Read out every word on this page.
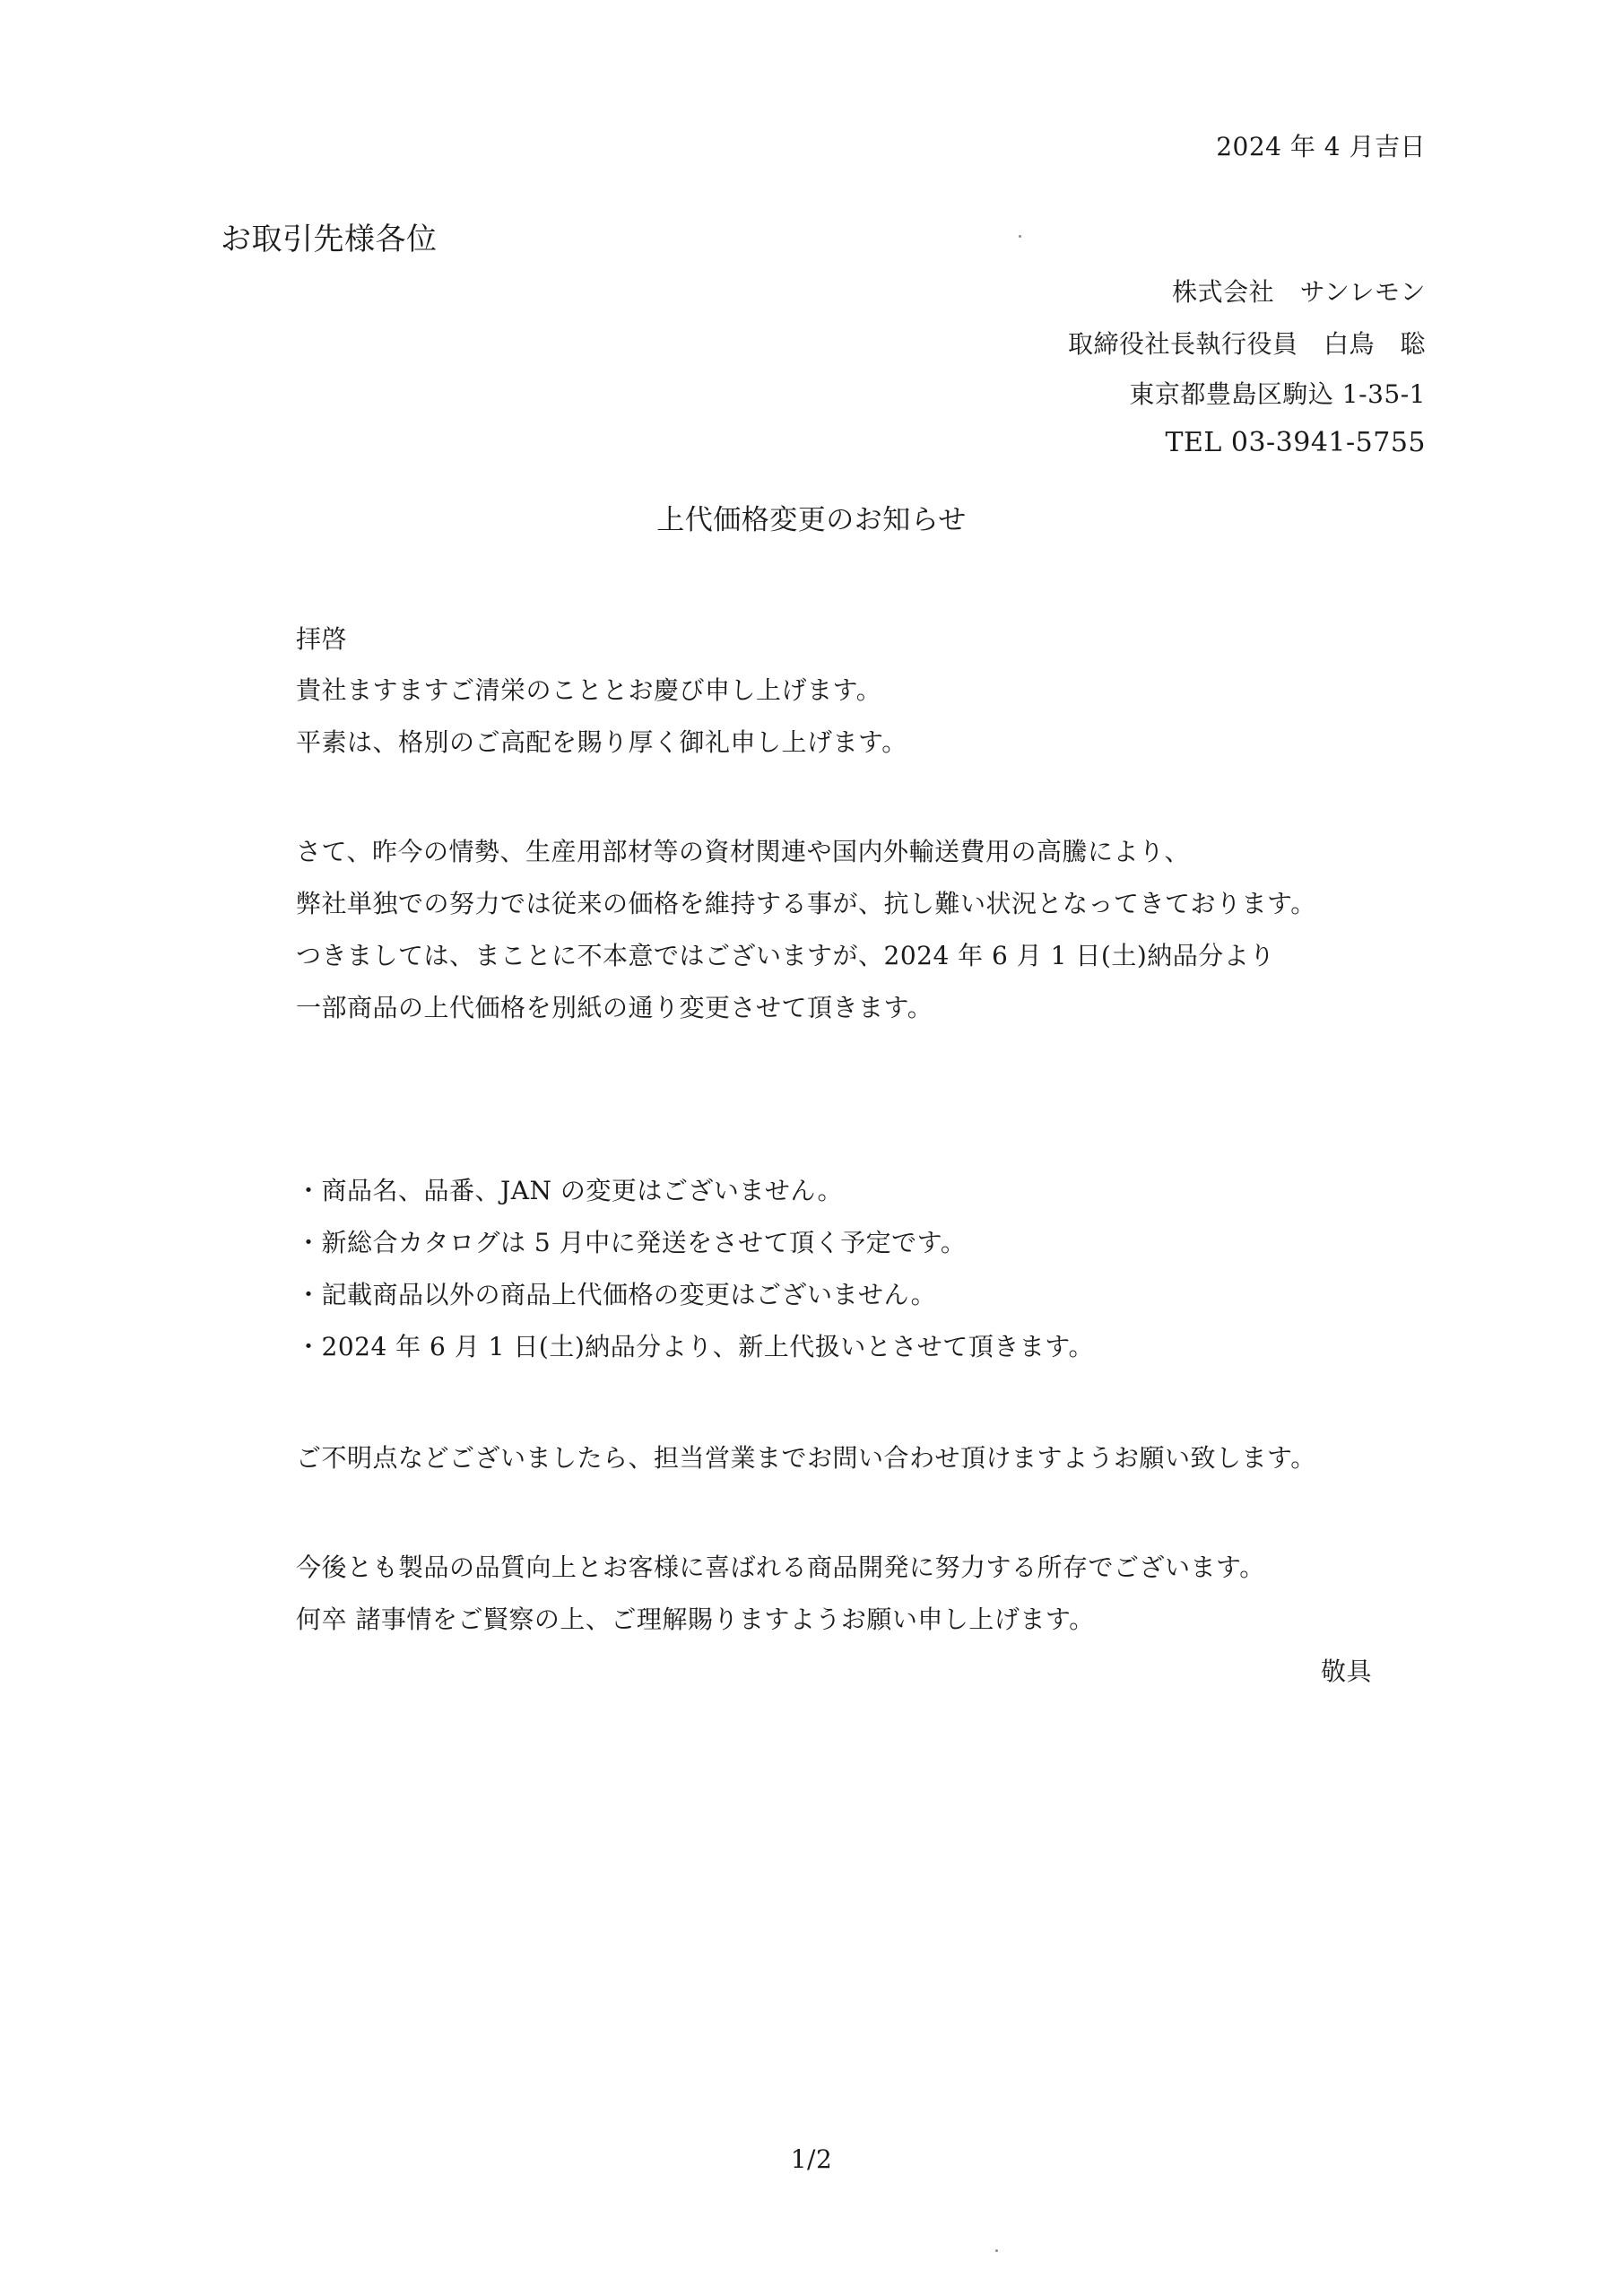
2024 年 4 月吉日
お取引先様各位
株式会社　サンレモン
取締役社長執行役員　白鳥　聡
東京都豊島区駒込 1-35-1
TEL 03-3941-5755
上代価格変更のお知らせ
拝啓
貴社ますますご清栄のこととお慶び申し上げます。
平素は、格別のご高配を賜り厚く御礼申し上げます。
さて、昨今の情勢、生産用部材等の資材関連や国内外輸送費用の高騰により、
弊社単独での努力では従来の価格を維持する事が、抗し難い状況となってきております。
つきましては、まことに不本意ではございますが、2024 年 6 月 1 日(土)納品分より
一部商品の上代価格を別紙の通り変更させて頂きます。
・商品名、品番、JAN の変更はございません。
・新総合カタログは 5 月中に発送をさせて頂く予定です。
・記載商品以外の商品上代価格の変更はございません。
・2024 年 6 月 1 日(土)納品分より、新上代扱いとさせて頂きます。
ご不明点などございましたら、担当営業までお問い合わせ頂けますようお願い致します。
今後とも製品の品質向上とお客様に喜ばれる商品開発に努力する所存でございます。
何卒 諸事情をご賢察の上、ご理解賜りますようお願い申し上げます。
敬具
1/2
